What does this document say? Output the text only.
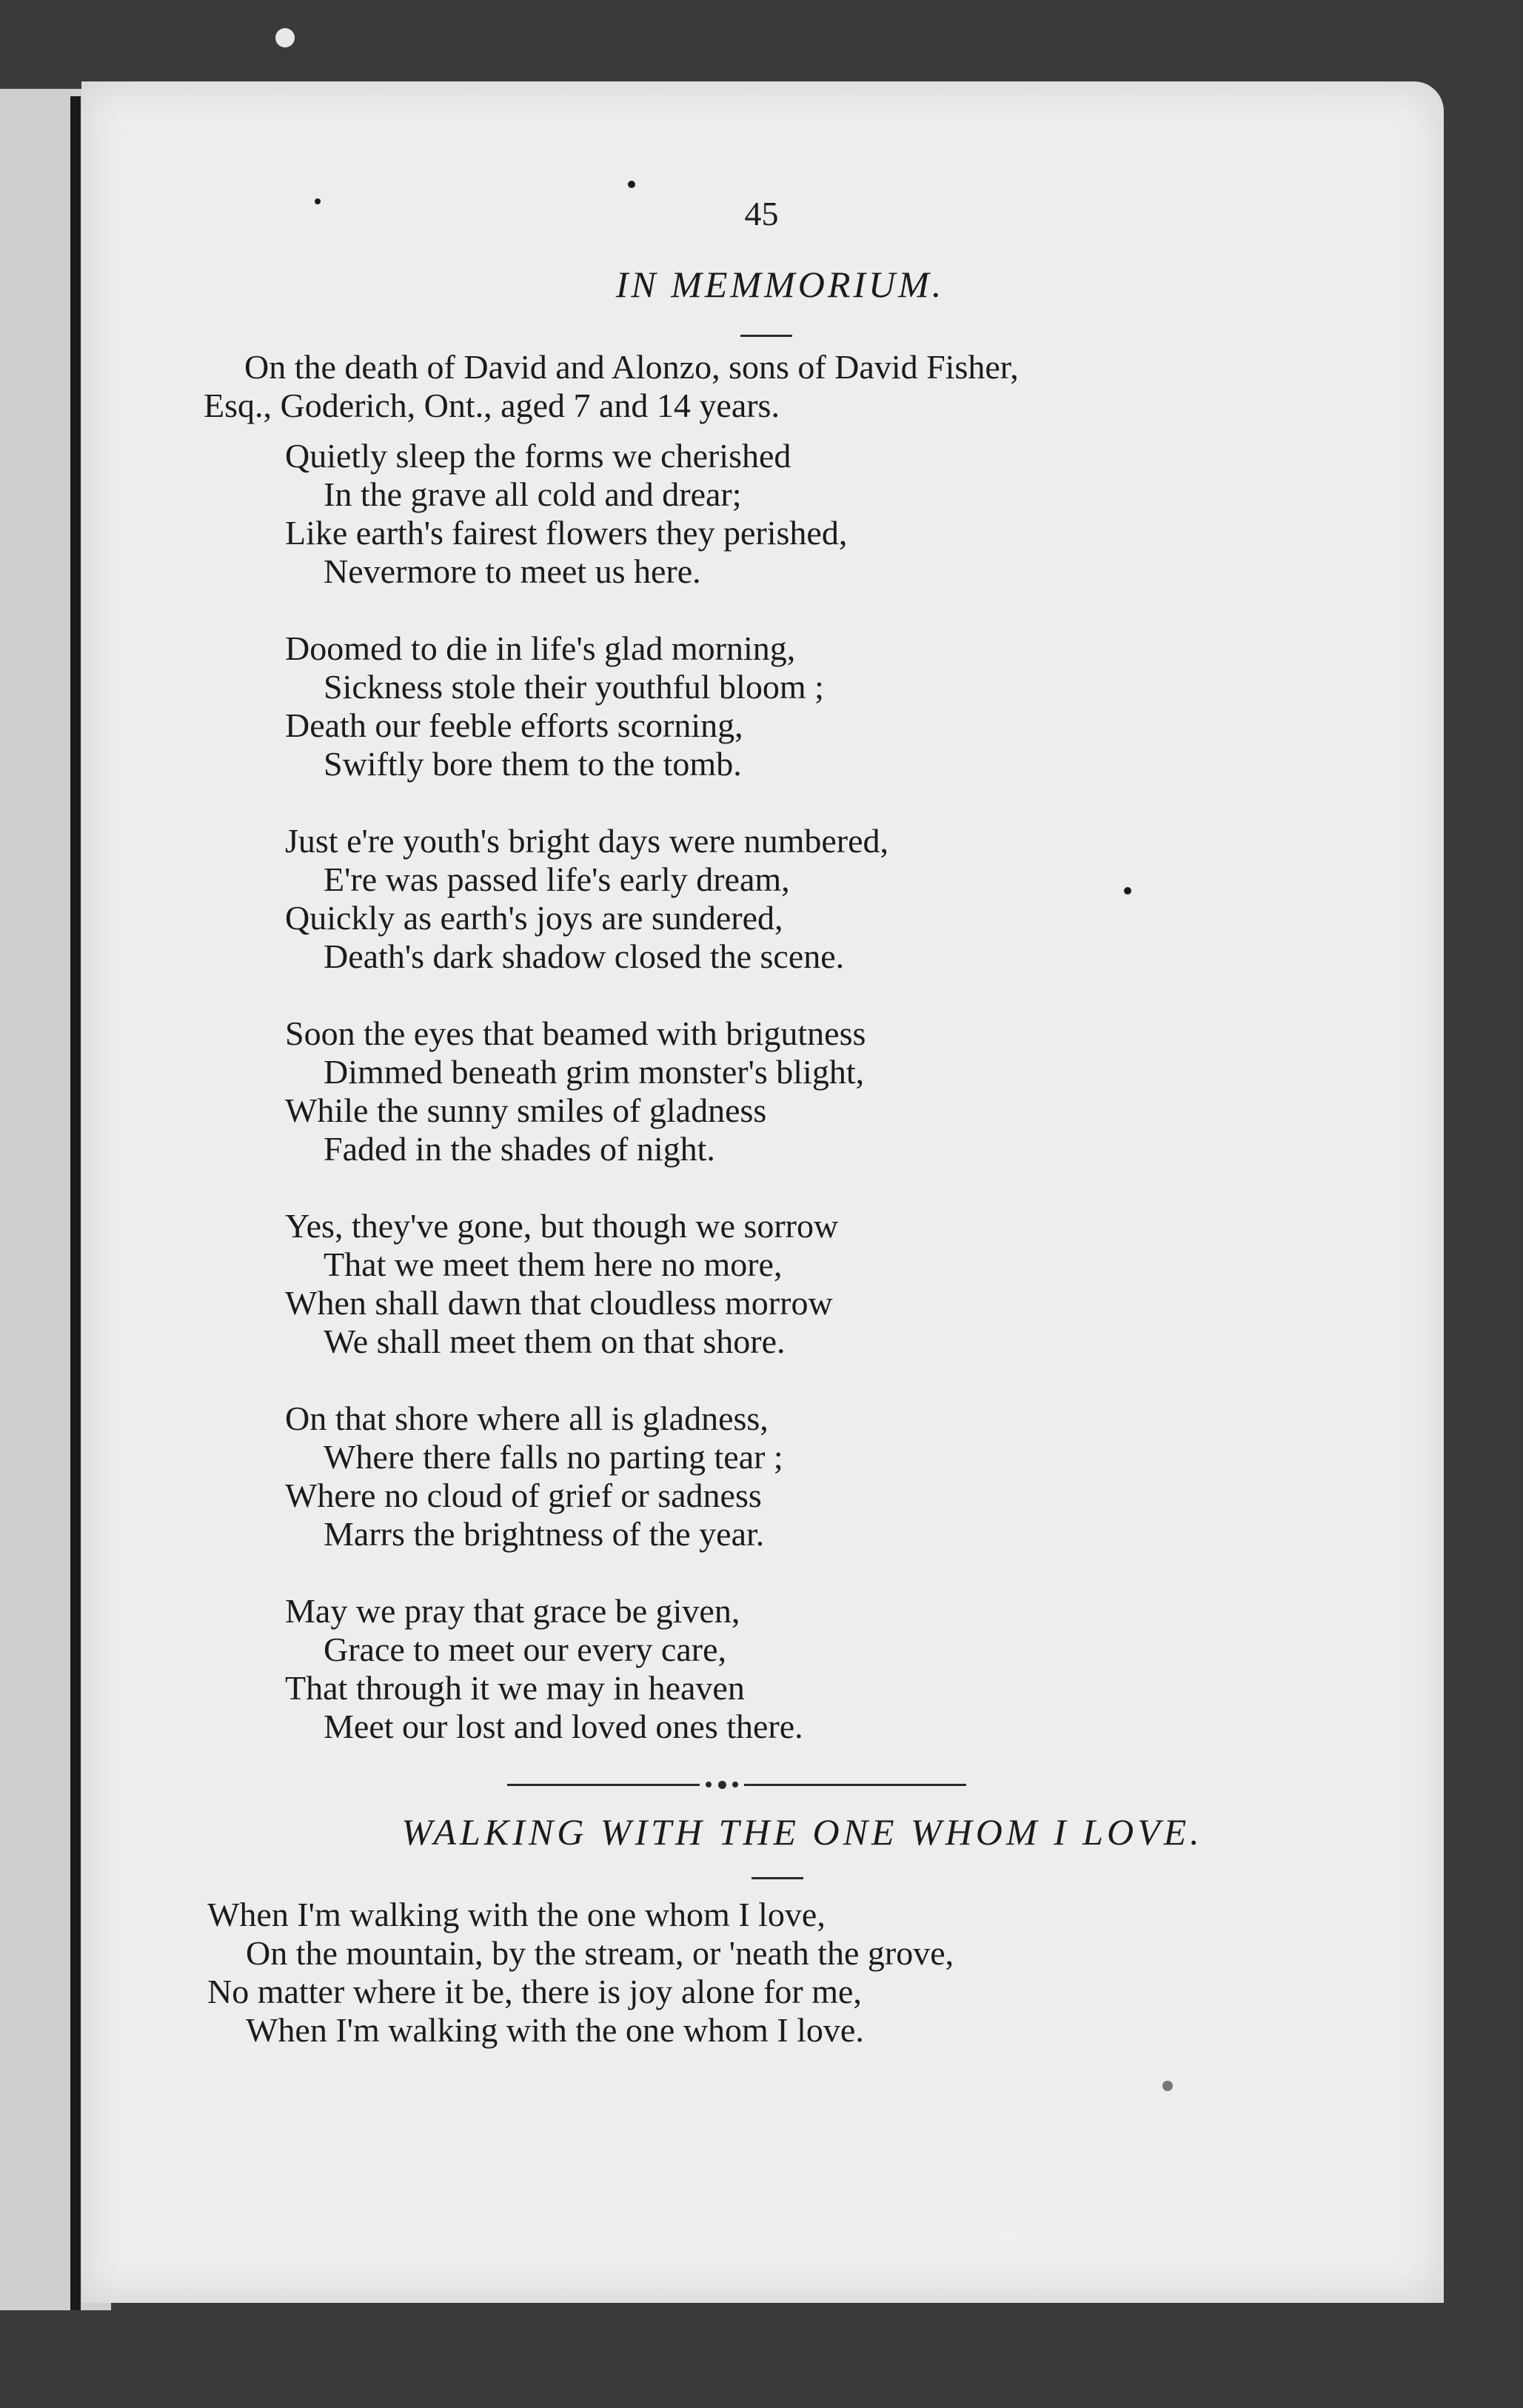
45
IN MEMMORIUM.
On the death of David and Alonzo, sons of David Fisher,
Esq., Goderich, Ont., aged 7 and 14 years.
Quietly sleep the forms we cherished
In the grave all cold and drear;
Like earth's fairest flowers they perished,
Nevermore to meet us here.
Doomed to die in life's glad morning,
Sickness stole their youthful bloom ;
Death our feeble efforts scorning,
Swiftly bore them to the tomb.
Just e're youth's bright days were numbered,
E're was passed life's early dream,
Quickly as earth's joys are sundered,
Death's dark shadow closed the scene.
Soon the eyes that beamed with brigutness
Dimmed beneath grim monster's blight,
While the sunny smiles of gladness
Faded in the shades of night.
Yes, they've gone, but though we sorrow
That we meet them here no more,
When shall dawn that cloudless morrow
We shall meet them on that shore.
On that shore where all is gladness,
Where there falls no parting tear ;
Where no cloud of grief or sadness
Marrs the brightness of the year.
May we pray that grace be given,
Grace to meet our every care,
That through it we may in heaven
Meet our lost and loved ones there.
WALKING WITH THE ONE WHOM I LOVE.
When I'm walking with the one whom I love,
On the mountain, by the stream, or 'neath the grove,
No matter where it be, there is joy alone for me,
When I'm walking with the one whom I love.
